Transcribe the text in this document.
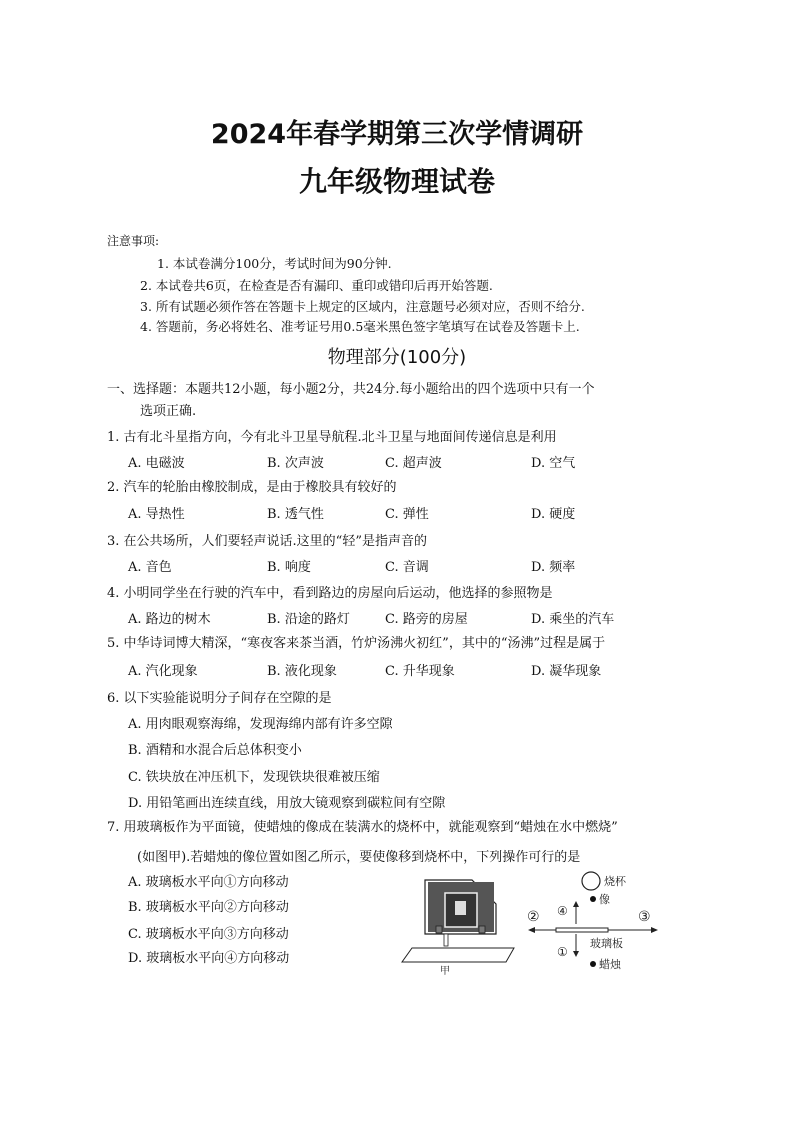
2024年春学期第三次学情调研
九年级物理试卷
注意事项:
1. 本试卷满分100分，考试时间为90分钟.
2. 本试卷共6页，在检查是否有漏印、重印或错印后再开始答题.
3. 所有试题必须作答在答题卡上规定的区域内，注意题号必须对应，否则不给分.
4. 答题前，务必将姓名、准考证号用0.5毫米黑色签字笔填写在试卷及答题卡上.
物理部分(100分)
一、选择题：本题共12小题，每小题2分，共24分.每小题给出的四个选项中只有一个
选项正确.
1. 古有北斗星指方向，今有北斗卫星导航程.北斗卫星与地面间传递信息是利用
A. 电磁波	B. 次声波	C. 超声波	D. 空气
2. 汽车的轮胎由橡胶制成，是由于橡胶具有较好的
A. 导热性	B. 透气性	C. 弹性	D. 硬度
3. 在公共场所，人们要轻声说话.这里的“轻”是指声音的
A. 音色	B. 响度	C. 音调	D. 频率
4. 小明同学坐在行驶的汽车中，看到路边的房屋向后运动，他选择的参照物是
A. 路边的树木	B. 沿途的路灯	C. 路旁的房屋	D. 乘坐的汽车
5. 中华诗词博大精深，“寒夜客来茶当酒，竹炉汤沸火初红”，其中的“汤沸”过程是属于
A. 汽化现象	B. 液化现象	C. 升华现象	D. 凝华现象
6. 以下实验能说明分子间存在空隙的是
A. 用肉眼观察海绵，发现海绵内部有许多空隙
B. 酒精和水混合后总体积变小
C. 铁块放在冲压机下，发现铁块很难被压缩
D. 用铅笔画出连续直线，用放大镜观察到碳粒间有空隙
7. 用玻璃板作为平面镜，使蜡烛的像成在装满水的烧杯中，就能观察到“蜡烛在水中燃烧”
(如图甲).若蜡烛的像位置如图乙所示，要使像移到烧杯中，下列操作可行的是
A. 玻璃板水平向①方向移动
B. 玻璃板水平向②方向移动
C. 玻璃板水平向③方向移动
D. 玻璃板水平向④方向移动
甲
烧杯
像
④
②	③
玻璃板
①
蜡烛
